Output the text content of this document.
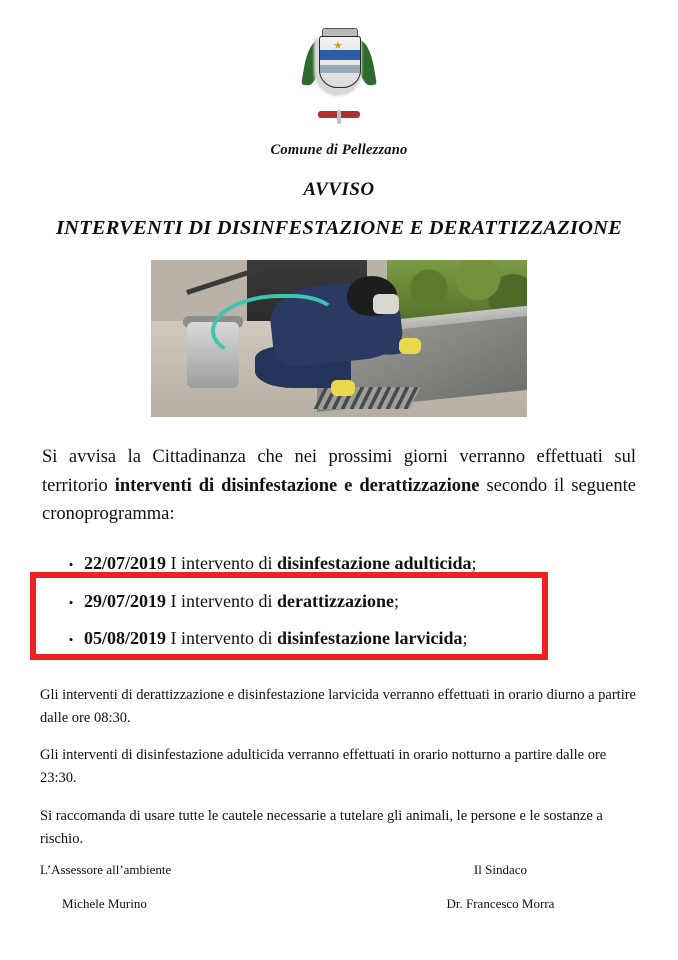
★
Comune di Pellezzano
AVVISO
INTERVENTI DI DISINFESTAZIONE E DERATTIZZAZIONE
Si avvisa la Cittadinanza che nei prossimi giorni verranno effettuati sul territorio interventi di disinfestazione e derattizzazione secondo il seguente cronoprogramma:
• 22/07/2019 I intervento di disinfestazione adulticida;
• 29/07/2019 I intervento di derattizzazione;
• 05/08/2019 I intervento di disinfestazione larvicida;

Gli interventi di derattizzazione e disinfestazione larvicida verranno effettuati in orario diurno a partire dalle ore 08:30.

Gli interventi di disinfestazione adulticida verranno effettuati in orario notturno a partire dalle ore 23:30.

Si raccomanda di usare tutte le cautele necessarie a tutelare gli animali, le persone e le sostanze a rischio.

L’Assessore all’ambiente
Michele Murino
Il Sindaco
Dr. Francesco Morra
